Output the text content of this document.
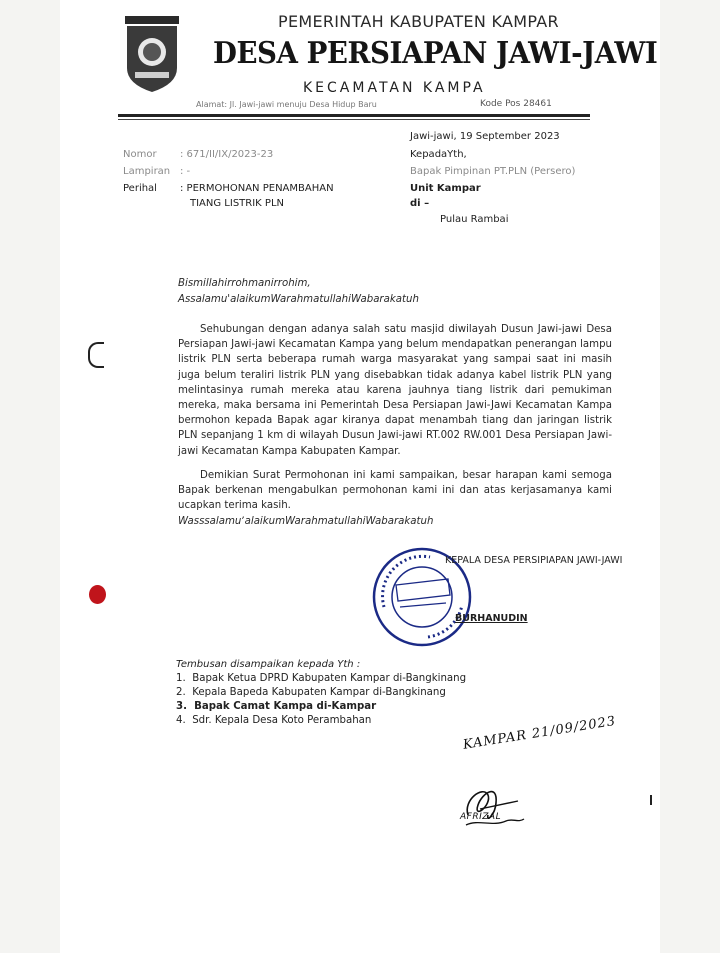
PEMERINTAH KABUPATEN KAMPAR
DESA PERSIAPAN JAWI-JAWI
KECAMATAN KAMPA
Alamat: Jl. Jawi-jawi menuju Desa Hidup Baru	Kode Pos 28461
Jawi-jawi, 19 September 2023
Nomor : 671/II/IX/2023-23
Lampiran : -
Perihal : PERMOHONAN PENAMBAHAN
TIANG LISTRIK PLN
KepadaYth,
Bapak Pimpinan PT.PLN (Persero)
Unit Kampar
di –
Pulau Rambai
Bismillahirrohmanirrohim,
Assalamu'alaikumWarahmatullahiWabarakatuh
Sehubungan dengan adanya salah satu masjid diwilayah Dusun Jawi-jawi Desa Persiapan Jawi-jawi Kecamatan Kampa yang belum mendapatkan penerangan lampu listrik PLN serta beberapa rumah warga masyarakat yang sampai saat ini masih juga belum teraliri listrik PLN yang disebabkan tidak adanya kabel listrik PLN yang melintasinya rumah mereka atau karena jauhnya tiang listrik dari pemukiman mereka, maka bersama ini Pemerintah Desa Persiapan Jawi-Jawi Kecamatan Kampa bermohon kepada Bapak agar kiranya dapat menambah tiang dan jaringan listrik PLN sepanjang 1 km di wilayah Dusun Jawi-jawi RT.002 RW.001 Desa Persiapan Jawi-jawi Kecamatan Kampa Kabupaten Kampar.
Demikian Surat Permohonan ini kami sampaikan, besar harapan kami semoga Bapak berkenan mengabulkan permohonan kami ini dan atas kerjasamanya kami ucapkan terima kasih.
WasssalamuʼalaikumWarahmatullahiWabarakatuh
KEPALA DESA PERSIPIAPAN JAWI-JAWI
BURHANUDIN
Tembusan disampaikan kepada Yth :
1. Bapak Ketua DPRD Kabupaten Kampar di-Bangkinang
2. Kepala Bapeda Kabupaten Kampar di-Bangkinang
3. Bapak Camat Kampa di-Kampar
4. Sdr. Kepala Desa Koto Perambahan	KAMPAR 21/09/2023
AFRIZAL
